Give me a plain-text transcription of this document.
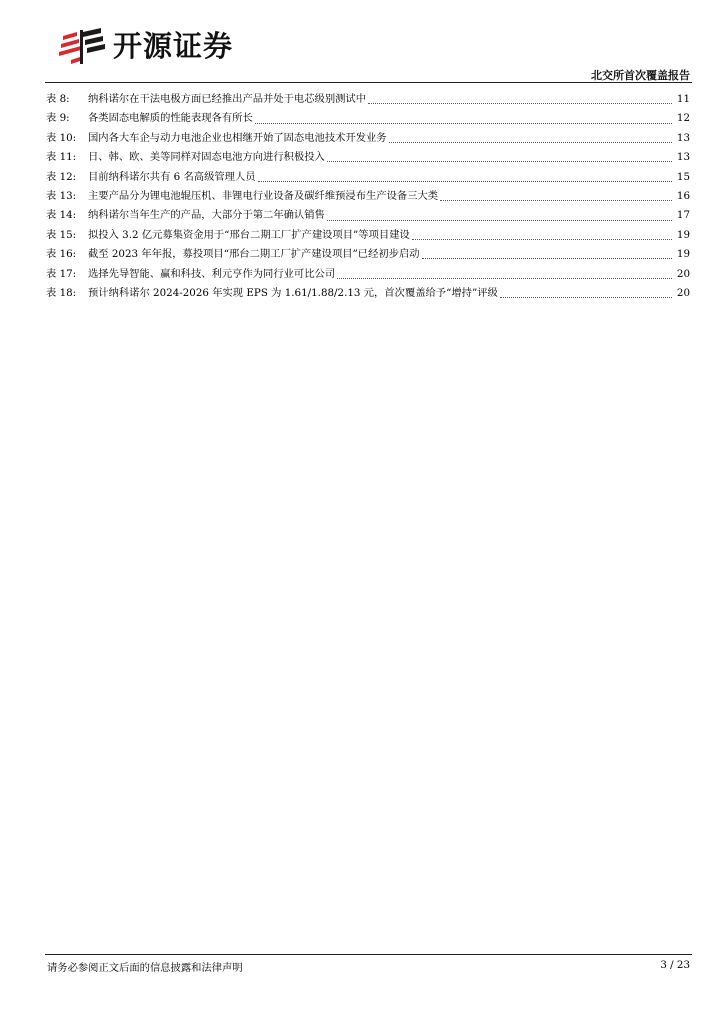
开源证券
北交所首次覆盖报告
表 8:	纳科诺尔在干法电极方面已经推出产品并处于电芯级别测试中	11
表 9:	各类固态电解质的性能表现各有所长	12
表 10:	国内各大车企与动力电池企业也相继开始了固态电池技术开发业务	13
表 11:	日、韩、欧、美等同样对固态电池方向进行积极投入	13
表 12:	目前纳科诺尔共有 6 名高级管理人员	15
表 13:	主要产品分为锂电池辊压机、非锂电行业设备及碳纤维预浸布生产设备三大类	16
表 14:	纳科诺尔当年生产的产品，大部分于第二年确认销售	17
表 15:	拟投入 3.2 亿元募集资金用于“邢台二期工厂扩产建设项目”等项目建设	19
表 16:	截至 2023 年年报，募投项目“邢台二期工厂扩产建设项目”已经初步启动	19
表 17:	选择先导智能、赢和科技、利元亨作为同行业可比公司	20
表 18:	预计纳科诺尔 2024-2026 年实现 EPS 为 1.61/1.88/2.13 元，首次覆盖给予“增持”评级	20
请务必参阅正文后面的信息披露和法律声明	3 / 23
